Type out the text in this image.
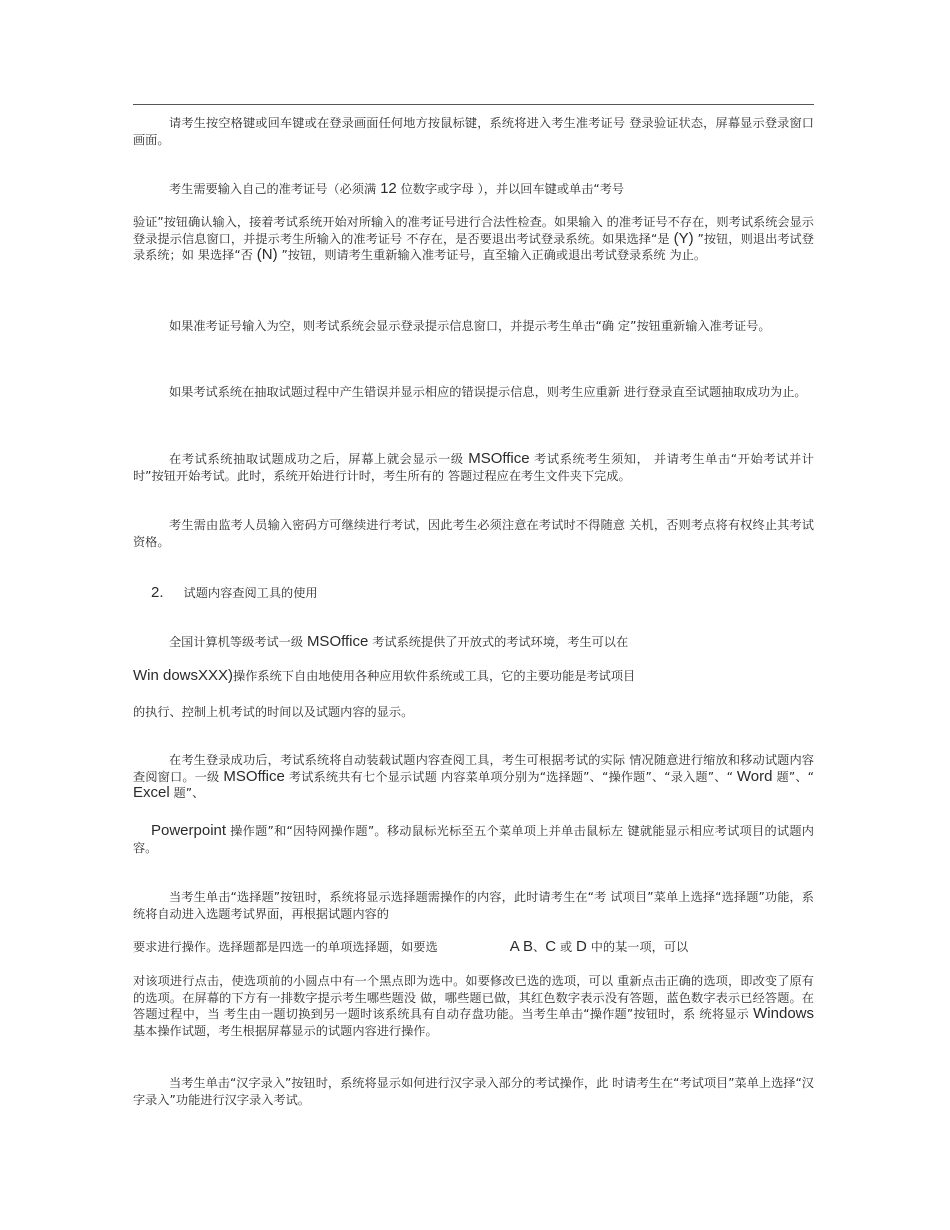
请考生按空格键或回车键或在登录画面任何地方按鼠标键，系统将进入考生准考证号 登录验证状态，屏幕显示登录窗口画面。

考生需要输入自己的准考证号（必须满 12 位数字或字母 ），并以回车键或单击“考号

验证”按钮确认输入，接着考试系统开始对所输入的准考证号进行合法性检查。如果输入 的准考证号不存在，则考试系统会显示登录提示信息窗口，并提示考生所输入的准考证号 不存在，是否要退出考试登录系统。如果选择“是 (Y) ”按钮，则退出考试登录系统；如 果选择“否 (N) ”按钮，则请考生重新输入准考证号，直至输入正确或退出考试登录系统 为止。

如果准考证号输入为空，则考试系统会显示登录提示信息窗口，并提示考生单击“确 定”按钮重新输入准考证号。

如果考试系统在抽取试题过程中产生错误并显示相应的错误提示信息，则考生应重新 进行登录直至试题抽取成功为止。

在考试系统抽取试题成功之后，屏幕上就会显示一级 MSOffice 考试系统考生须知， 并请考生单击“开始考试并计时”按钮开始考试。此时，系统开始进行计时，考生所有的 答题过程应在考生文件夹下完成。

考生需由监考人员输入密码方可继续进行考试，因此考生必须注意在考试时不得随意 关机，否则考点将有权终止其考试资格。

2. 试题内容查阅工具的使用

全国计算机等级考试一级 MSOffice 考试系统提供了开放式的考试环境，考生可以在

Win dowsXXX)操作系统下自由地使用各种应用软件系统或工具，它的主要功能是考试项目

的执行、控制上机考试的时间以及试题内容的显示。

在考生登录成功后，考试系统将自动装载试题内容查阅工具，考生可根据考试的实际 情况随意进行缩放和移动试题内容查阅窗口。一级 MSOffice 考试系统共有七个显示试题 内容菜单项分别为“选择题”、“操作题”、“录入题”、“ Word 题”、“ Excel 题”、

Powerpoint 操作题”和“因特网操作题”。移动鼠标光标至五个菜单项上并单击鼠标左 键就能显示相应考试项目的试题内容。

当考生单击“选择题”按钮时，系统将显示选择题需操作的内容，此时请考生在“考 试项目”菜单上选择“选择题”功能，系统将自动进入选题考试界面，再根据试题内容的

要求进行操作。选择题都是四选一的单项选择题，如要选	A B、C 或 D 中的某一项，可以

对该项进行点击，使选项前的小圆点中有一个黑点即为选中。如要修改已选的选项，可以 重新点击正确的选项，即改变了原有的选项。在屏幕的下方有一排数字提示考生哪些题没 做，哪些题已做，其红色数字表示没有答题，蓝色数字表示已经答题。在答题过程中，当 考生由一题切换到另一题时该系统具有自动存盘功能。当考生单击“操作题”按钮时，系 统将显示 Windows 基本操作试题，考生根据屏幕显示的试题内容进行操作。

当考生单击“汉字录入”按钮时，系统将显示如何进行汉字录入部分的考试操作，此 时请考生在“考试项目”菜单上选择“汉字录入”功能进行汉字录入考试。
